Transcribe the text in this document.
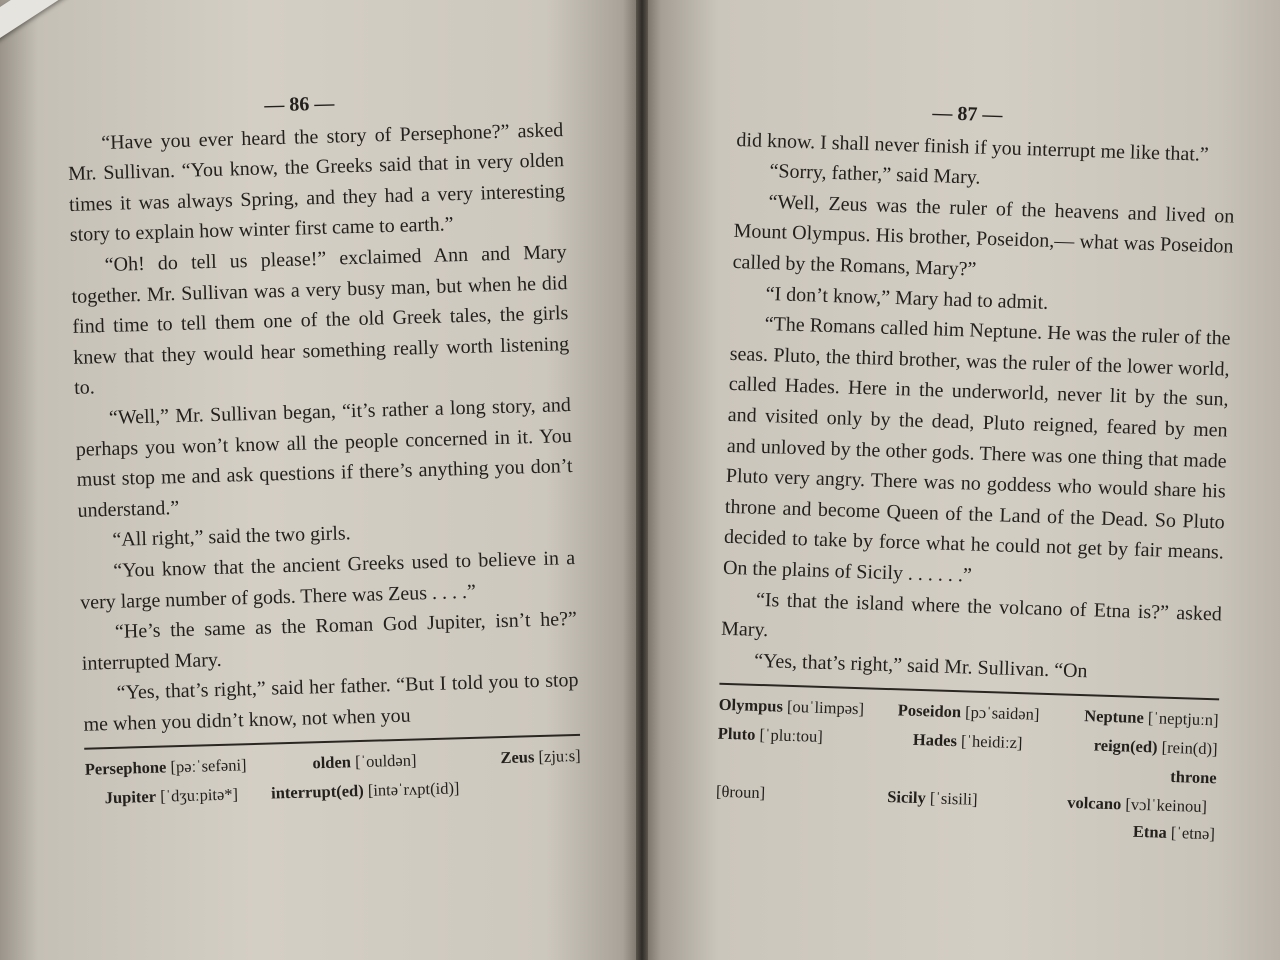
— 86 —

“Have you ever heard the story of Persephone?” asked Mr. Sullivan. “You know, the Greeks said that in very olden times it was always Spring, and they had a very interesting story to explain how winter first came to earth.”

“Oh! do tell us please!” exclaimed Ann and Mary together. Mr. Sullivan was a very busy man, but when he did find time to tell them one of the old Greek tales, the girls knew that they would hear something really worth listening to.

“Well,” Mr. Sullivan began, “it’s rather a long story, and perhaps you won’t know all the people concerned in it. You must stop me and ask questions if there’s anything you don’t understand.”

“All right,” said the two girls.

“You know that the ancient Greeks used to believe in a very large number of gods. There was Zeus . . . .”

“He’s the same as the Roman God Jupiter, isn’t he?” interrupted Mary.

“Yes, that’s right,” said her father. “But I told you to stop me when you didn’t know, not when you

Persephone [pəːˈsefəni]	olden [ˈouldən]	Zeus [zjuːs]
Jupiter [ˈdʒuːpitə*]	interrupt(ed) [intəˈrʌpt(id)]
— 87 —

did know. I shall never finish if you interrupt me like that.”

“Sorry, father,” said Mary.

“Well, Zeus was the ruler of the heavens and lived on Mount Olympus. His brother, Poseidon,— what was Poseidon called by the Romans, Mary?”

“I don’t know,” Mary had to admit.

“The Romans called him Neptune. He was the ruler of the seas. Pluto, the third brother, was the ruler of the lower world, called Hades. Here in the underworld, never lit by the sun, and visited only by the dead, Pluto reigned, feared by men and unloved by the other gods. There was one thing that made Pluto very angry. There was no goddess who would share his throne and become Queen of the Land of the Dead. So Pluto decided to take by force what he could not get by fair means. On the plains of Sicily . . . . . .”

“Is that the island where the volcano of Etna is?” asked Mary.

“Yes, that’s right,” said Mr. Sullivan. “On

Olympus [ouˈlimpəs]	Poseidon [pɔˈsaidən]	Neptune [ˈneptjuːn]
Pluto [ˈpluːtou]	Hades [ˈheidiːz]	reign(ed) [rein(d)]
throne
[θroun]	Sicily [ˈsisili]	volcano [vɔlˈkeinou]
Etna [ˈetnə]
